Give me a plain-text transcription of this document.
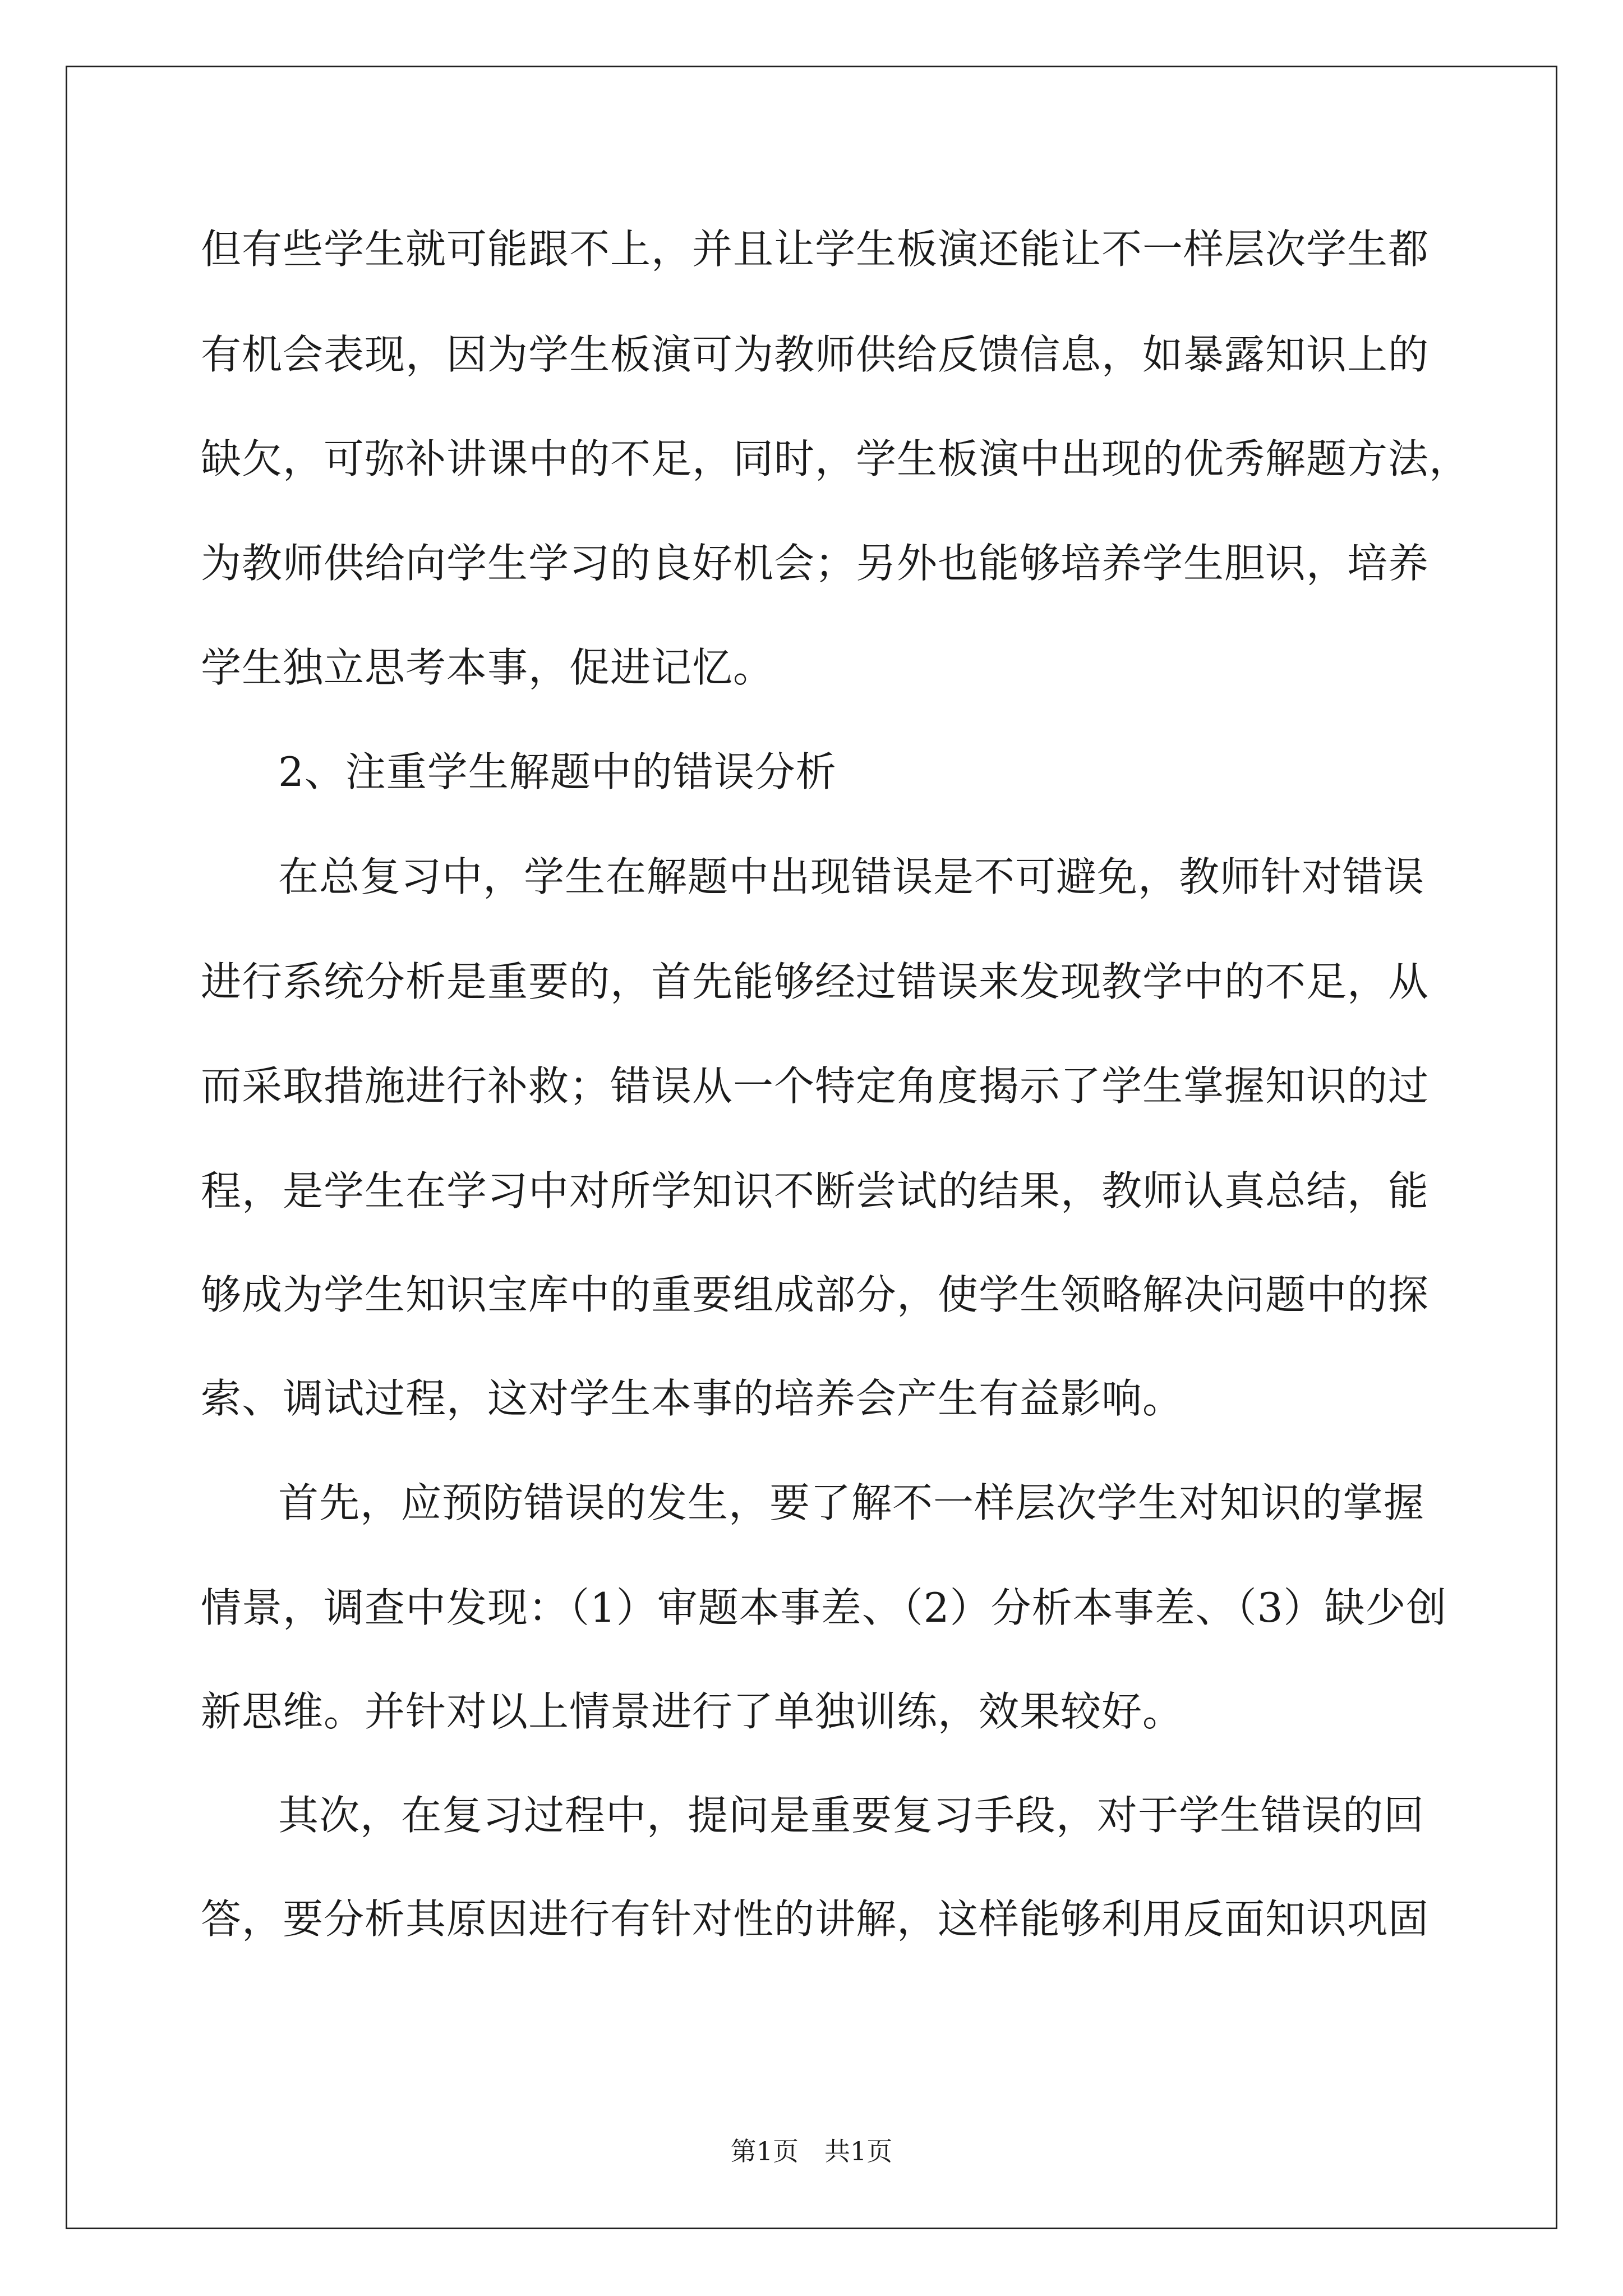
但有些学生就可能跟不上，并且让学生板演还能让不一样层次学生都
有机会表现，因为学生板演可为教师供给反馈信息，如暴露知识上的
缺欠，可弥补讲课中的不足，同时，学生板演中出现的优秀解题方法，
为教师供给向学生学习的良好机会；另外也能够培养学生胆识，培养
学生独立思考本事，促进记忆。
2、注重学生解题中的错误分析
在总复习中，学生在解题中出现错误是不可避免，教师针对错误
进行系统分析是重要的，首先能够经过错误来发现教学中的不足，从
而采取措施进行补救；错误从一个特定角度揭示了学生掌握知识的过
程，是学生在学习中对所学知识不断尝试的结果，教师认真总结，能
够成为学生知识宝库中的重要组成部分，使学生领略解决问题中的探
索、调试过程，这对学生本事的培养会产生有益影响。
首先，应预防错误的发生，要了解不一样层次学生对知识的掌握
情景，调查中发现：（1）审题本事差、（2）分析本事差、（3）缺少创
新思维。并针对以上情景进行了单独训练，效果较好。
其次，在复习过程中，提问是重要复习手段，对于学生错误的回
答，要分析其原因进行有针对性的讲解，这样能够利用反面知识巩固
第1页　共1页
